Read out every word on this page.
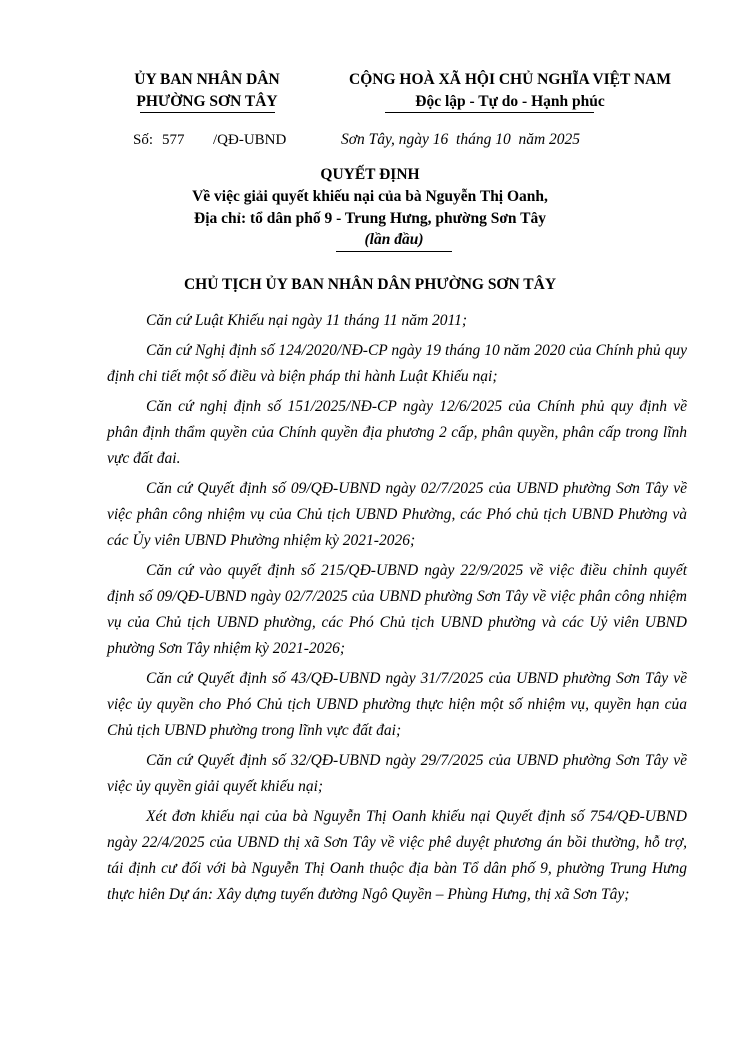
ỦY BAN NHÂN DÂN
PHƯỜNG SƠN TÂY
CỘNG HOÀ XÃ HỘI CHỦ NGHĨA VIỆT NAM
Độc lập - Tự do - Hạnh phúc
Số: 577 /QĐ-UBND	Sơn Tây, ngày 16 tháng 10 năm 2025
QUYẾT ĐỊNH
Về việc giải quyết khiếu nại của bà Nguyễn Thị Oanh,
Địa chỉ: tổ dân phố 9 - Trung Hưng, phường Sơn Tây
(lần đầu)
CHỦ TỊCH ỦY BAN NHÂN DÂN PHƯỜNG SƠN TÂY

Căn cứ Luật Khiếu nại ngày 11 tháng 11 năm 2011;

Căn cứ Nghị định số 124/2020/NĐ-CP ngày 19 tháng 10 năm 2020 của Chính phủ quy định chi tiết một số điều và biện pháp thi hành Luật Khiếu nại;

Căn cứ nghị định số 151/2025/NĐ-CP ngày 12/6/2025 của Chính phủ quy định về phân định thẩm quyền của Chính quyền địa phương 2 cấp, phân quyền, phân cấp trong lĩnh vực đất đai.

Căn cứ Quyết định số 09/QĐ-UBND ngày 02/7/2025 của UBND phường Sơn Tây về việc phân công nhiệm vụ của Chủ tịch UBND Phường, các Phó chủ tịch UBND Phường và các Ủy viên UBND Phường nhiệm kỳ 2021-2026;

Căn cứ vào quyết định số 215/QĐ-UBND ngày 22/9/2025 về việc điều chỉnh quyết định số 09/QĐ-UBND ngày 02/7/2025 của UBND phường Sơn Tây về việc phân công nhiệm vụ của Chủ tịch UBND phường, các Phó Chủ tịch UBND phường và các Uỷ viên UBND phường Sơn Tây nhiệm kỳ 2021-2026;

Căn cứ Quyết định số 43/QĐ-UBND ngày 31/7/2025 của UBND phường Sơn Tây về việc ủy quyền cho Phó Chủ tịch UBND phường thực hiện một số nhiệm vụ, quyền hạn của Chủ tịch UBND phường trong lĩnh vực đất đai;

Căn cứ Quyết định số 32/QĐ-UBND ngày 29/7/2025 của UBND phường Sơn Tây về việc ủy quyền giải quyết khiếu nại;

Xét đơn khiếu nại của bà Nguyễn Thị Oanh khiếu nại Quyết định số 754/QĐ-UBND ngày 22/4/2025 của UBND thị xã Sơn Tây về việc phê duyệt phương án bồi thường, hỗ trợ, tái định cư đối với bà Nguyễn Thị Oanh thuộc địa bàn Tổ dân phố 9, phường Trung Hưng thực hiên Dự án: Xây dựng tuyến đường Ngô Quyền – Phùng Hưng, thị xã Sơn Tây;
